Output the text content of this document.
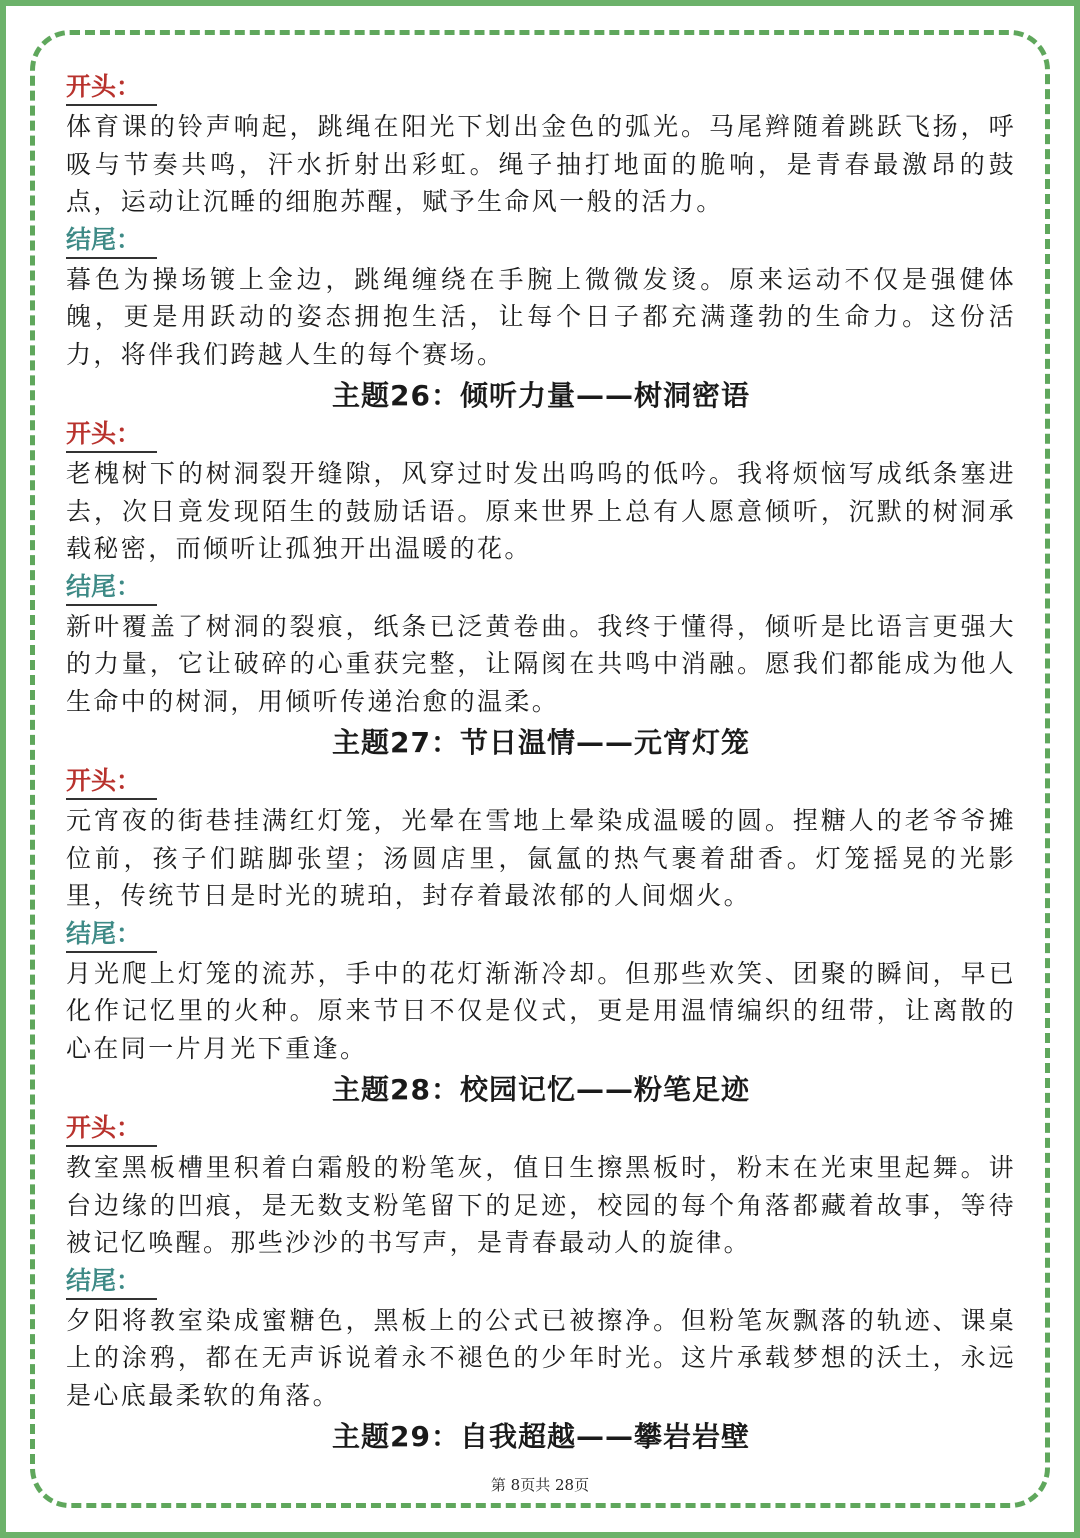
开头：

体育课的铃声响起，跳绳在阳光下划出金色的弧光。马尾辫随着跳跃飞扬，呼吸与节奏共鸣，汗水折射出彩虹。绳子抽打地面的脆响，是青春最激昂的鼓点，运动让沉睡的细胞苏醒，赋予生命风一般的活力。

结尾：

暮色为操场镀上金边，跳绳缠绕在手腕上微微发烫。原来运动不仅是强健体魄，更是用跃动的姿态拥抱生活，让每个日子都充满蓬勃的生命力。这份活力，将伴我们跨越人生的每个赛场。

主题26：倾听力量——树洞密语
开头：

老槐树下的树洞裂开缝隙，风穿过时发出呜呜的低吟。我将烦恼写成纸条塞进去，次日竟发现陌生的鼓励话语。原来世界上总有人愿意倾听，沉默的树洞承载秘密，而倾听让孤独开出温暖的花。

结尾：

新叶覆盖了树洞的裂痕，纸条已泛黄卷曲。我终于懂得，倾听是比语言更强大的力量，它让破碎的心重获完整，让隔阂在共鸣中消融。愿我们都能成为他人生命中的树洞，用倾听传递治愈的温柔。

主题27：节日温情——元宵灯笼
开头：

元宵夜的街巷挂满红灯笼，光晕在雪地上晕染成温暖的圆。捏糖人的老爷爷摊位前，孩子们踮脚张望；汤圆店里，氤氲的热气裹着甜香。灯笼摇晃的光影里，传统节日是时光的琥珀，封存着最浓郁的人间烟火。

结尾：

月光爬上灯笼的流苏，手中的花灯渐渐冷却。但那些欢笑、团聚的瞬间，早已化作记忆里的火种。原来节日不仅是仪式，更是用温情编织的纽带，让离散的心在同一片月光下重逢。

主题28：校园记忆——粉笔足迹
开头：

教室黑板槽里积着白霜般的粉笔灰，值日生擦黑板时，粉末在光束里起舞。讲台边缘的凹痕，是无数支粉笔留下的足迹，校园的每个角落都藏着故事，等待被记忆唤醒。那些沙沙的书写声，是青春最动人的旋律。

结尾：

夕阳将教室染成蜜糖色，黑板上的公式已被擦净。但粉笔灰飘落的轨迹、课桌上的涂鸦，都在无声诉说着永不褪色的少年时光。这片承载梦想的沃土，永远是心底最柔软的角落。

主题29：自我超越——攀岩岩壁
第 8页共 28页
